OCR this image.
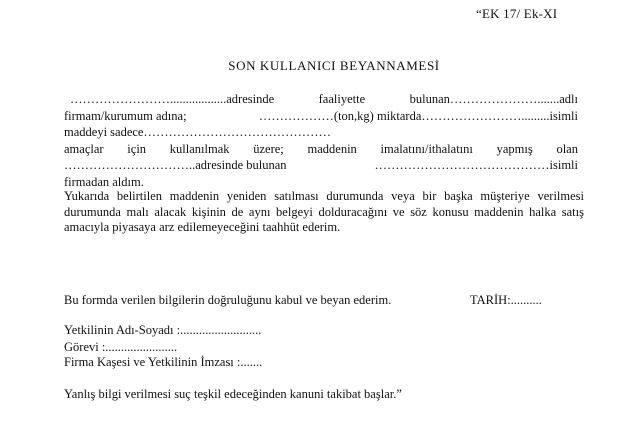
“EK 17/ Ek-XI
SON KULLANICI BEYANNAMESİ
……………………..................adresinde	faaliyette	bulunan………………….......adlı
firmam/kurumum adına;	………………(ton,kg) miktarda…………………….........isimli
maddeyi sadece………………………………………
amaçlar için kullanılmak üzere; maddenin imalatını/ithalatını yapmış olan
…………………………..adresinde bulunan	……………………………………isimli
firmadan aldım.
Yukarıda belirtilen maddenin yeniden satılması durumunda veya bir başka müşteriye verilmesi durumunda malı alacak kişinin de aynı belgeyi dolduracağını ve söz konusu maddenin halka satış amacıyla piyasaya arz edilemeyeceğini taahhüt ederim.
Bu formda verilen bilgilerin doğruluğunu kabul ve beyan ederim.	TARİH:..........
Yetkilinin Adı-Soyadı :..........................
Görevi :.......................
Firma Kaşesi ve Yetkilinin İmzası :.......
Yanlış bilgi verilmesi suç teşkil edeceğinden kanuni takibat başlar.”
